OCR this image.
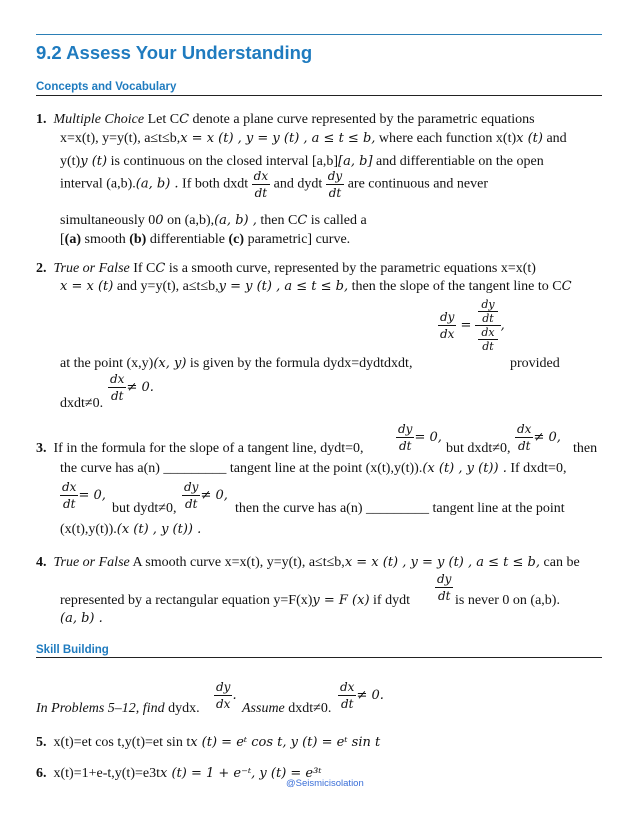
9.2 Assess Your Understanding
Concepts and Vocabulary
1. Multiple Choice Let CC denote a plane curve represented by the parametric equations
x=x(t), y=y(t), a≤t≤b,x = x (t) , y = y (t) , a ≤ t ≤ b, where each function x(t)x (t) and
y(t)y (t) is continuous on the closed interval [a,b][a, b] and differentiable on the open
interval (a,b).(a, b) . If both dxdt $\frac{dx}{dt}$ and dydt $\frac{dy}{dt}$ are continuous and never
simultaneously 00 on (a,b),(a, b) , then CC is called a
[(a) smooth (b) differentiable (c) parametric] curve.
2. True or False If CC is a smooth curve, represented by the parametric equations x=x(t)
x = x (t) and y=y(t), a≤t≤b,y = y (t) , a ≤ t ≤ b, then the slope of the tangent line to CC
$\frac{dy}{dx} = \frac{\frac{dy}{dt}}{\frac{dx}{dt}}$ ,
at the point (x,y)(x, y) is given by the formula dydx=dydtdxdt,	provided
$\frac{dx}{dt} \ne 0$.
dxdt≠0.
3. If in the formula for the slope of a tangent line, dydt=0,	$\frac{dy}{dt} = 0$,
but dxdt≠0, $\frac{dx}{dt} \ne 0$,
then
the curve has a(n) _________ tangent line at the point (x(t),y(t)).(x (t) , y (t)) . If dxdt=0,
$\frac{dx}{dt} = 0$,
but dydt≠0, $\frac{dy}{dt} \ne 0$,
then the curve has a(n) _________ tangent line at the point
(x(t),y(t)).(x (t) , y (t)) .
4. True or False A smooth curve x=x(t), y=y(t), a≤t≤b,x = x (t) , y = y (t) , a ≤ t ≤ b, can be
represented by a rectangular equation y=F(x)y = F (x) if dydt $\frac{dy}{dt}$ is never 0 on (a,b).
(a, b) .
Skill Building
In Problems 5–12, find dydx. $\frac{dy}{dx}$ .
Assume dxdt≠0. $\frac{dx}{dt} \ne 0$.
5. x(t)=et cos t,y(t)=et sin tx (t) = eᵗ cos t, y (t) = eᵗ sin t
6. x(t)=1+e-t,y(t)=e3tx (t) = 1 + e⁻ᵗ, y (t) = e³ᵗ
@Seismicisolation
